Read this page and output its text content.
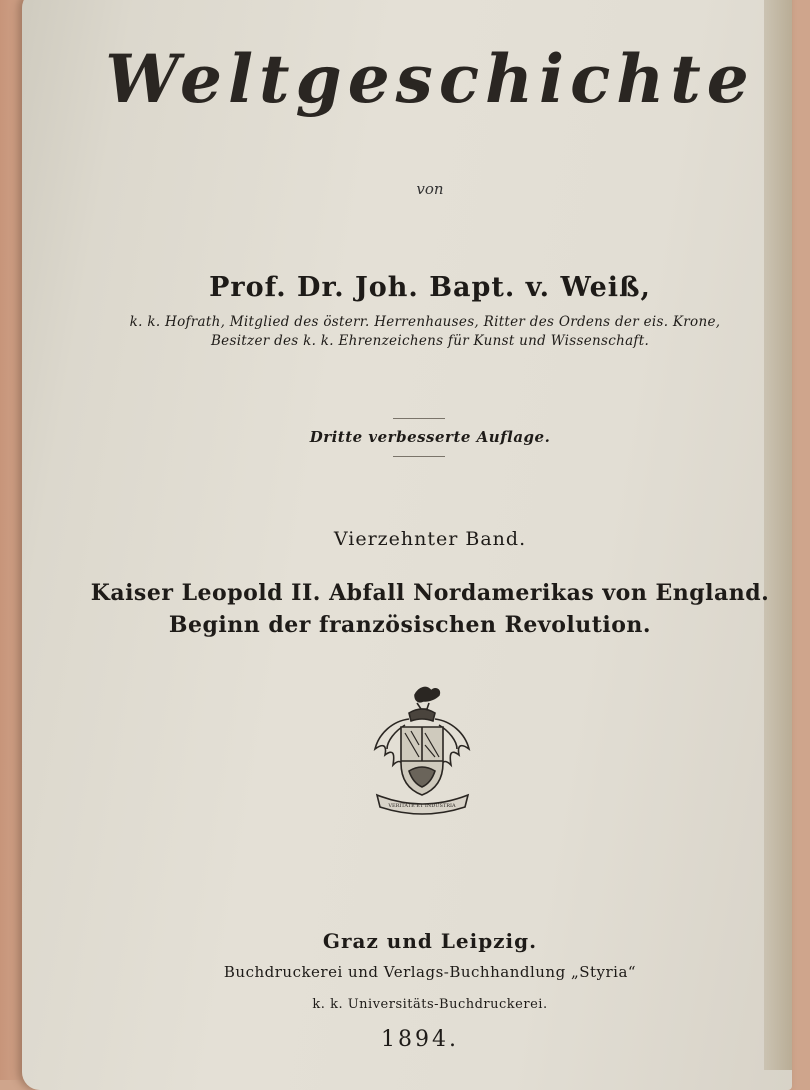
Weltgeschichte
von
Prof. Dr. Joh. Bapt. v. Weiß,
k. k. Hofrath, Mitglied des österr. Herrenhauses, Ritter des Ordens der eis. Krone,
Besitzer des k. k. Ehrenzeichens für Kunst und Wissenschaft.
Dritte verbesserte Auflage.
Vierzehnter Band.
Kaiser Leopold II. Abfall Nordamerikas von England.
Beginn der französischen Revolution.
VERITATE ET INDUSTRIA
Graz und Leipzig.
Buchdruckerei und Verlags-Buchhandlung „Styria“
k. k. Universitäts-Buchdruckerei.
1894.
